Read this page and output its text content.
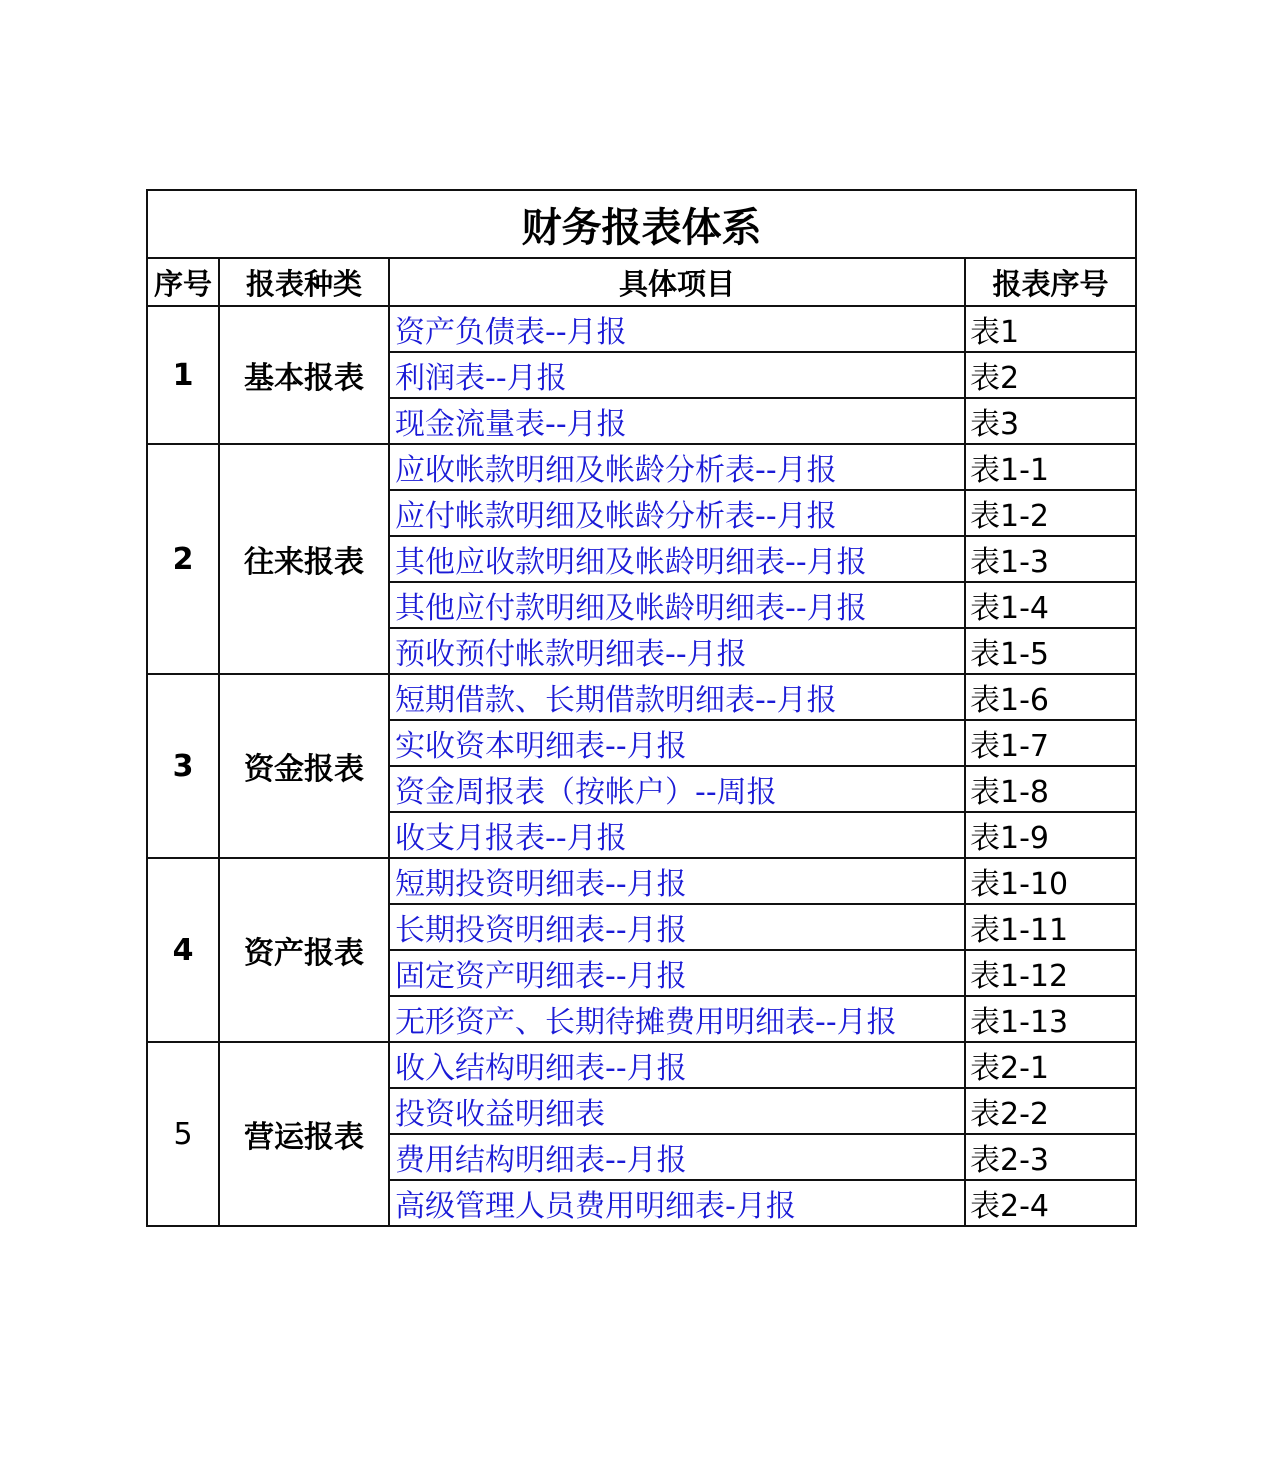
财务报表体系			
序号	报表种类	具体项目	报表序号
1	基本报表	资产负债表--月报	表1
		利润表--月报	表2
		现金流量表--月报	表3
2	往来报表	应收帐款明细及帐龄分析表--月报	表1-1
		应付帐款明细及帐龄分析表--月报	表1-2
		其他应收款明细及帐龄明细表--月报	表1-3
		其他应付款明细及帐龄明细表--月报	表1-4
		预收预付帐款明细表--月报	表1-5
3	资金报表	短期借款、长期借款明细表--月报	表1-6
		实收资本明细表--月报	表1-7
		资金周报表（按帐户）--周报	表1-8
		收支月报表--月报	表1-9
4	资产报表	短期投资明细表--月报	表1-10
		长期投资明细表--月报	表1-11
		固定资产明细表--月报	表1-12
		无形资产、长期待摊费用明细表--月报	表1-13
5	营运报表	收入结构明细表--月报	表2-1
		投资收益明细表	表2-2
		费用结构明细表--月报	表2-3
		高级管理人员费用明细表-月报	表2-4
